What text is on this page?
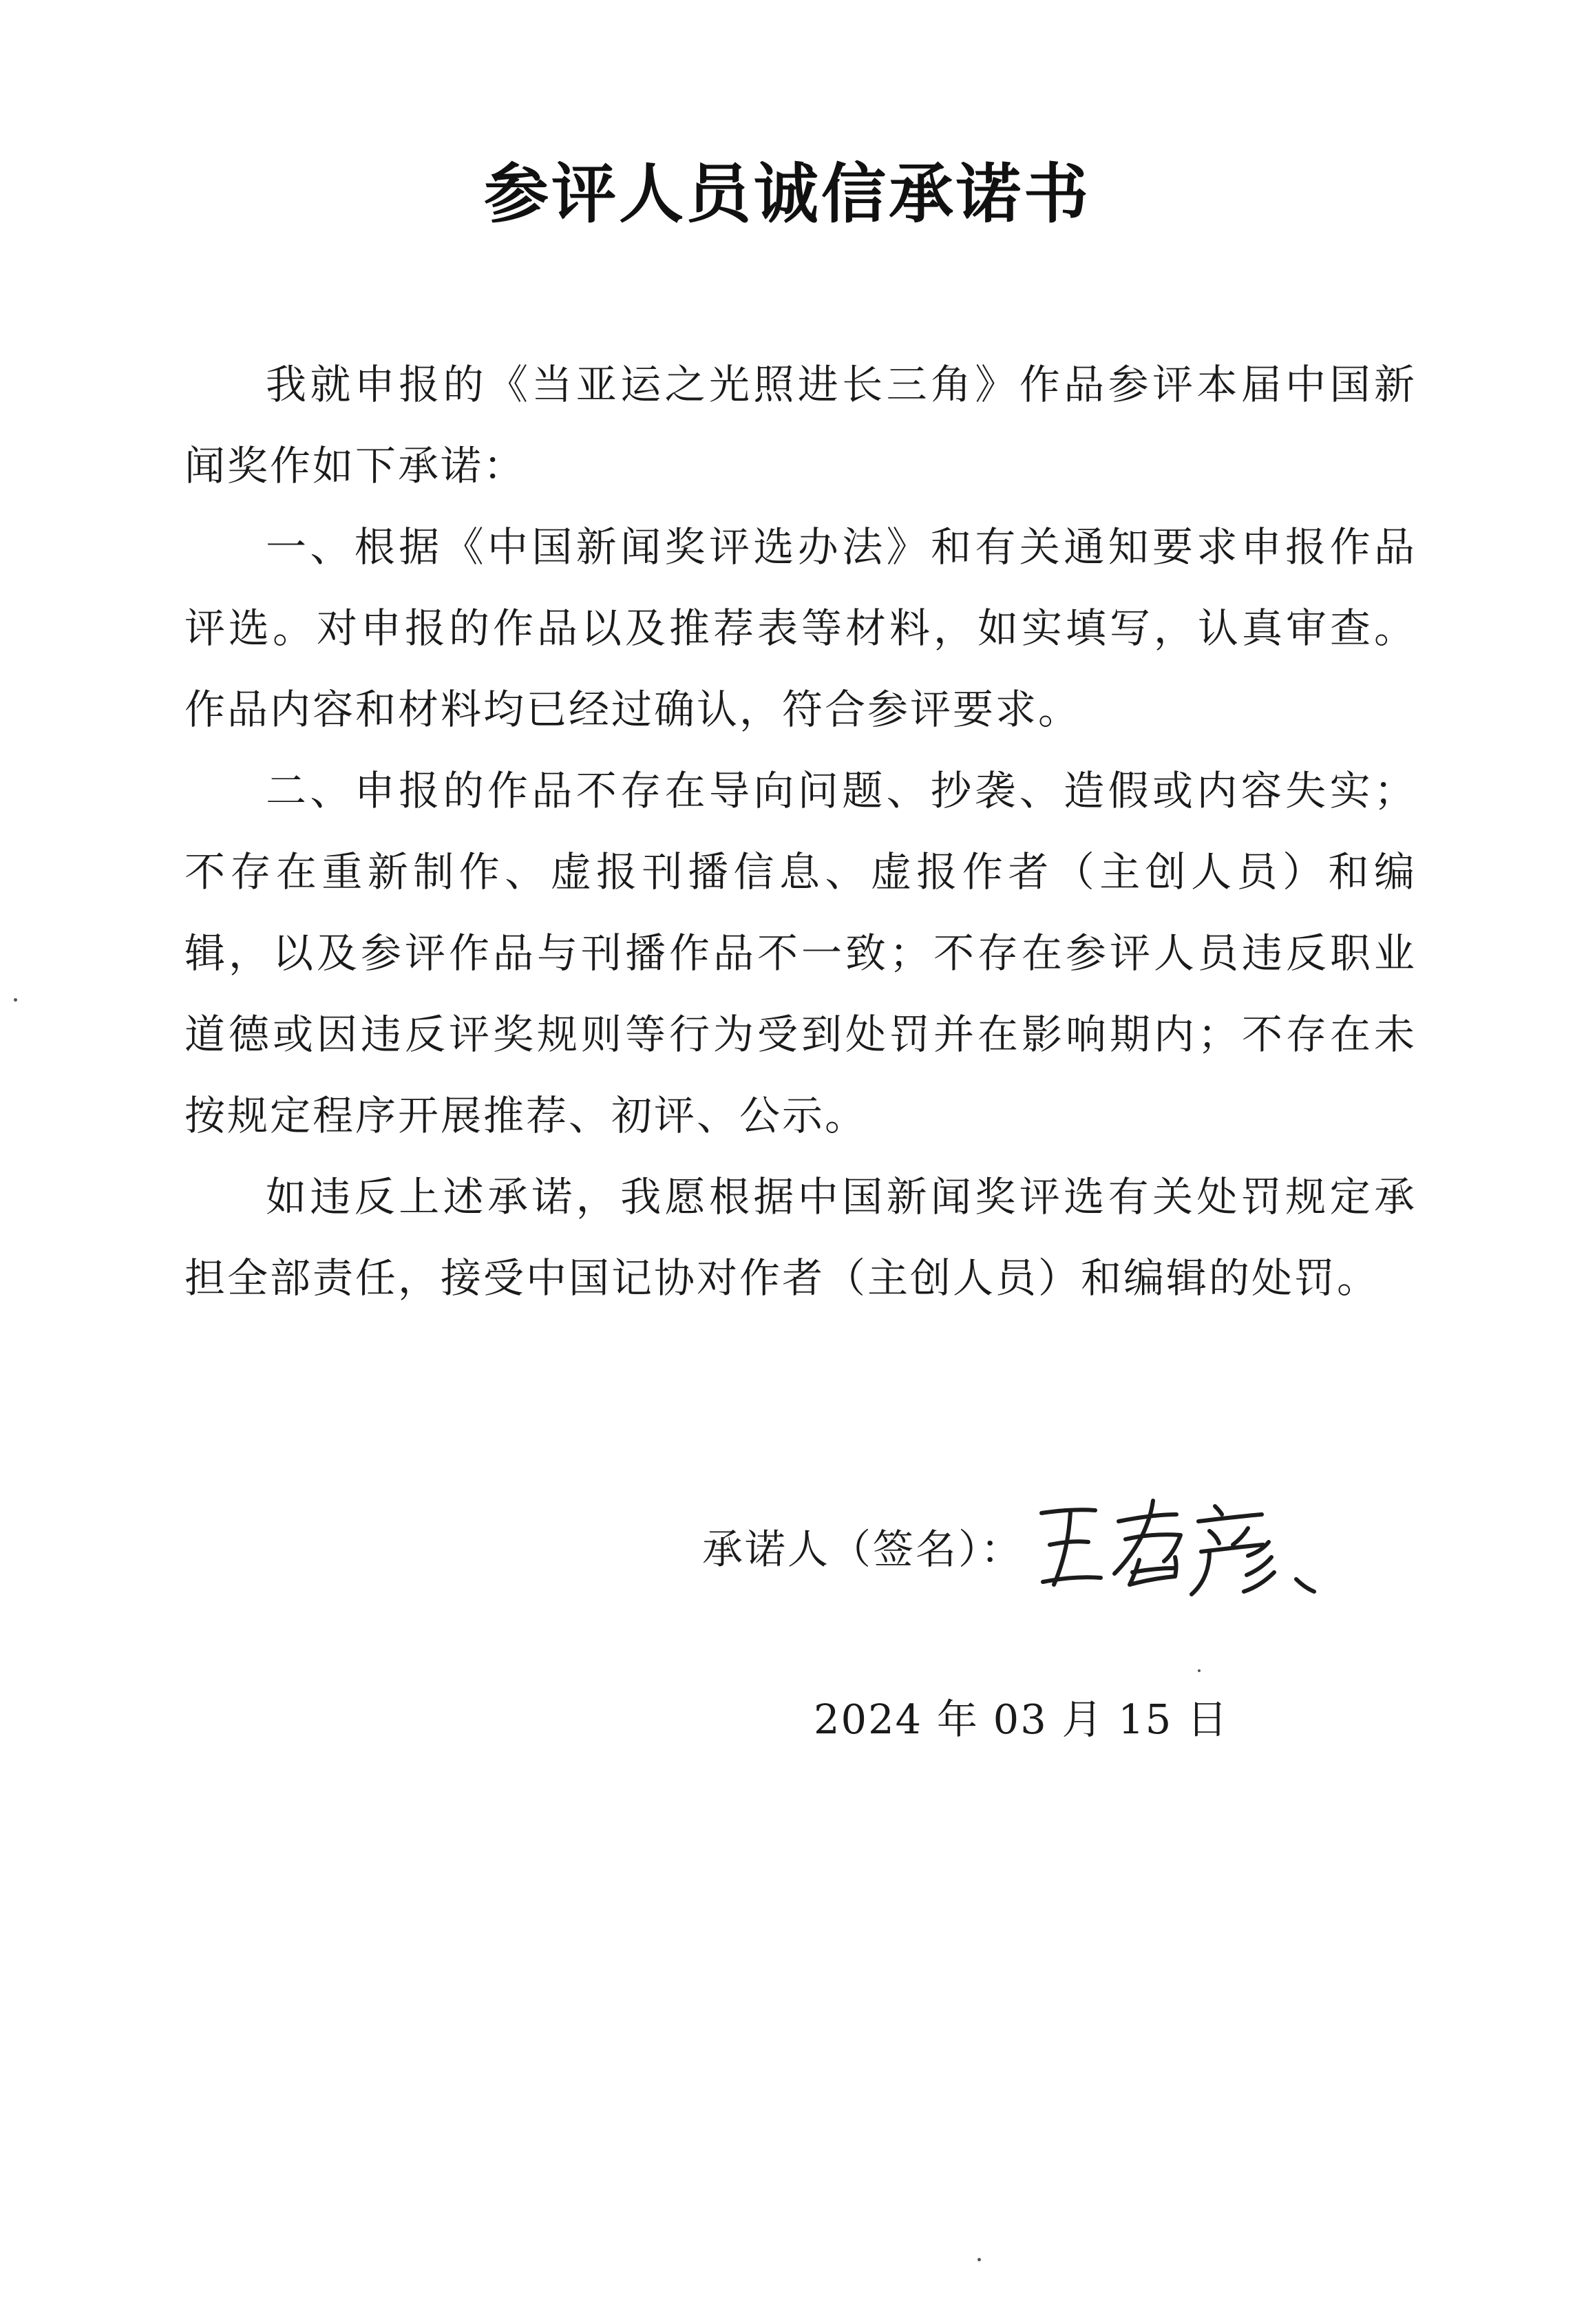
参评人员诚信承诺书

我就申报的《当亚运之光照进长三角》作品参评本届中国新闻奖作如下承诺：

一、根据《中国新闻奖评选办法》和有关通知要求申报作品评选。对申报的作品以及推荐表等材料，如实填写，认真审查。作品内容和材料均已经过确认，符合参评要求。

二、申报的作品不存在导向问题、抄袭、造假或内容失实；不存在重新制作、虚报刊播信息、虚报作者（主创人员）和编辑，以及参评作品与刊播作品不一致；不存在参评人员违反职业道德或因违反评奖规则等行为受到处罚并在影响期内；不存在未按规定程序开展推荐、初评、公示。

如违反上述承诺，我愿根据中国新闻奖评选有关处罚规定承担全部责任，接受中国记协对作者（主创人员）和编辑的处罚。

承诺人（签名）：
2024 年 03 月 15 日
